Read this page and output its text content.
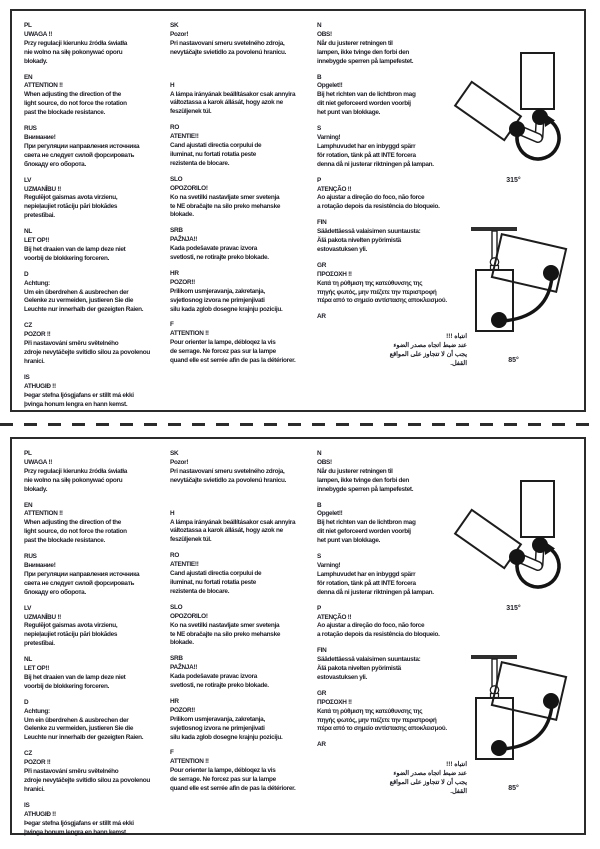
PL
UWAGA !!
Przy regulacji kierunku źródła światła
nie wolno na siłę pokonywać oporu
blokady.
EN
ATTENTION !!
When adjusting the direction of the
light source, do not force the rotation
past the blockade resistance.
RUS
Внимание!
При регуляции направления источника
света не следует силой форсировать
блокаду его оборота.
LV
UZMANĪBU !!
Regulējot gaismas avota virzienu,
nepieļaujiet rotāciju pāri blokādes
pretestībai.
NL
LET OP!!
Bij het draaien van de lamp deze niet
voorbij de blokkering forceren.
D
Achtung:
Um ein überdrehen & ausbrechen der
Gelenke zu vermeiden, justieren Sie die
Leuchte nur innerhalb der gezeigten Raien.
CZ
POZOR !!
Při nastavování směru světelného
zdroje nevytáčejte svítidlo silou za povolenou
hranici.
IS
ATHUGIÐ !!
Þegar stefna ljósgjafans er stillt má ekki
þvinga honum lengra en hann kemst.
SK
Pozor!
Pri nastavovaní smeru svetelného zdroja,
nevytáčajte svietidlo za povolenú hranicu.
H
A lámpa irányának beállításakor csak annyira
változtassa a karok állását, hogy azok ne
feszüljenek túl.
RO
ATENTIE!!
Cand ajustati directia corpului de
iluminat, nu fortati rotatia peste
rezistenta de blocare.
SLO
OPOZORILO!
Ko na svetilki nastavljate smer svetenja
te NE obračajte na silo preko mehanske
blokade.
SRB
PAŽNJA!!
Kada podešavate pravac izvora
svetlosti, ne rotirajte preko blokade.
HR
POZOR!!
Prilikom usmjeravanja, zakretanja,
svjetlosnog izvora ne primjenjivati
silu kada zglob dosegne krajnju poziciju.
F
ATTENTION !!
Pour orienter la lampe, débloqez la vis
de serrage. Ne forcez pas sur la lampe
quand elle est serrée afin de pas la détériorer.
N
OBS!
Når du justerer retningen til
lampen, ikke tvinge den forbi den
innebygde sperren på lampefestet.
B
Opgelet!!
Bij het richten van de lichtbron mag
dit niet geforceerd worden voorbij
het punt van blokkage.
S
Varning!
Lamphuvudet har en inbyggd spärr
för rotation, tänk på att INTE forcera
denna då ni justerar riktningen på lampan.
P
ATENÇÃO !!
Ao ajustar a direção do foco, não force
a rotação depois da resistência do bloqueio.
FIN
Säädettäessä valaisimen suuntausta:
Älä pakota nivelten pyörimistä
estovastuksen yli.
GR
ΠΡΟΣΟΧΗ !!
Κατά τη ρύθμιση της κατεύθυνσης της
πηγής φωτός, μην πιέζετε την περιστροφή
πέρα από το σημείο αντίστασης αποκλεισμού.
AR
انتباه !!!
عند ضبط اتجاه مصدر الضوء
يجب أن لا تتجاوز على المواقع
القفل.
315°
85°
PL
UWAGA !!
Przy regulacji kierunku źródła światła
nie wolno na siłę pokonywać oporu
blokady.
EN
ATTENTION !!
When adjusting the direction of the
light source, do not force the rotation
past the blockade resistance.
RUS
Внимание!
При регуляции направления источника
света не следует силой форсировать
блокаду его оборота.
LV
UZMANĪBU !!
Regulējot gaismas avota virzienu,
nepieļaujiet rotāciju pāri blokādes
pretestībai.
NL
LET OP!!
Bij het draaien van de lamp deze niet
voorbij de blokkering forceren.
D
Achtung:
Um ein überdrehen & ausbrechen der
Gelenke zu vermeiden, justieren Sie die
Leuchte nur innerhalb der gezeigten Raien.
CZ
POZOR !!
Při nastavování směru světelného
zdroje nevytáčejte svítidlo silou za povolenou
hranici.
IS
ATHUGIÐ !!
Þegar stefna ljósgjafans er stillt má ekki
þvinga honum lengra en hann kemst.
SK
Pozor!
Pri nastavovaní smeru svetelného zdroja,
nevytáčajte svietidlo za povolenú hranicu.
H
A lámpa irányának beállításakor csak annyira
változtassa a karok állását, hogy azok ne
feszüljenek túl.
RO
ATENTIE!!
Cand ajustati directia corpului de
iluminat, nu fortati rotatia peste
rezistenta de blocare.
SLO
OPOZORILO!
Ko na svetilki nastavljate smer svetenja
te NE obračajte na silo preko mehanske
blokade.
SRB
PAŽNJA!!
Kada podešavate pravac izvora
svetlosti, ne rotirajte preko blokade.
HR
POZOR!!
Prilikom usmjeravanja, zakretanja,
svjetlosnog izvora ne primjenjivati
silu kada zglob dosegne krajnju poziciju.
F
ATTENTION !!
Pour orienter la lampe, débloqez la vis
de serrage. Ne forcez pas sur la lampe
quand elle est serrée afin de pas la détériorer.
N
OBS!
Når du justerer retningen til
lampen, ikke tvinge den forbi den
innebygde sperren på lampefestet.
B
Opgelet!!
Bij het richten van de lichtbron mag
dit niet geforceerd worden voorbij
het punt van blokkage.
S
Varning!
Lamphuvudet har en inbyggd spärr
för rotation, tänk på att INTE forcera
denna då ni justerar riktningen på lampan.
P
ATENÇÃO !!
Ao ajustar a direção do foco, não force
a rotação depois da resistência do bloqueio.
FIN
Säädettäessä valaisimen suuntausta:
Älä pakota nivelten pyörimistä
estovastuksen yli.
GR
ΠΡΟΣΟΧΗ !!
Κατά τη ρύθμιση της κατεύθυνσης της
πηγής φωτός, μην πιέζετε την περιστροφή
πέρα από το σημείο αντίστασης αποκλεισμού.
AR
انتباه !!!
عند ضبط اتجاه مصدر الضوء
يجب أن لا تتجاوز على المواقع
القفل.
315°
85°
